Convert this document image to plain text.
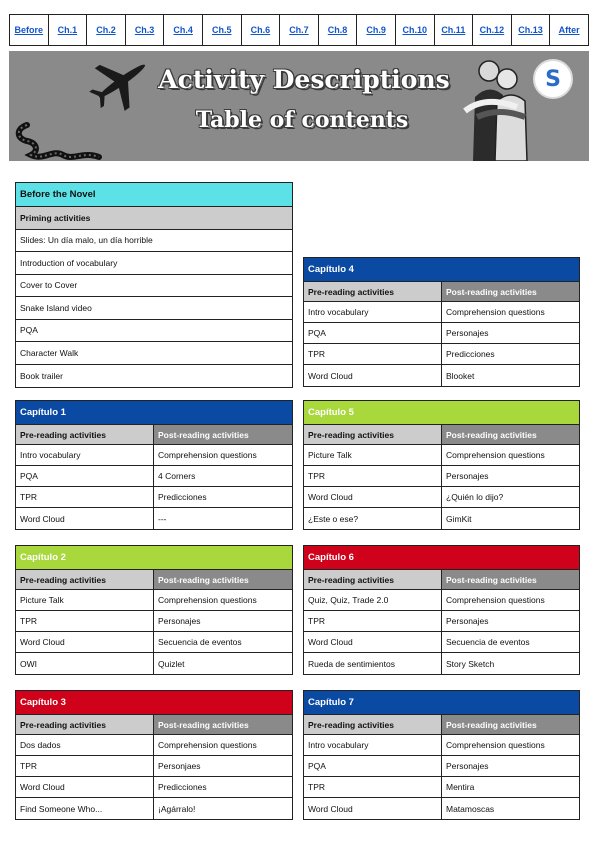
Before	Ch.1	Ch.2	Ch.3	Ch.4	Ch.5	Ch.6	Ch.7	Ch.8	Ch.9	Ch.10	Ch.11	Ch.12	Ch.13	After
Activity Descriptions
Table of contents
S
Before the Novel
Priming activities
Slides: Un día malo, un día horrible
Introduction of vocabulary
Cover to Cover
Snake Island video
PQA
Character Walk
Book trailer
Capítulo 1
Pre-reading activities	Post-reading activities
Intro vocabulary	Comprehension questions
PQA	4 Corners
TPR	Predicciones
Word Cloud	---
Capítulo 2
Pre-reading activities	Post-reading activities
Picture Talk	Comprehension questions
TPR	Personajes
Word Cloud	Secuencia de eventos
OWI	Quizlet
Capítulo 3
Pre-reading activities	Post-reading activities
Dos dados	Comprehension questions
TPR	Personjaes
Word Cloud	Predicciones
Find Someone Who...	¡Agárralo!
Capítulo 4
Pre-reading activities	Post-reading activities
Intro vocabulary	Comprehension questions
PQA	Personajes
TPR	Predicciones
Word Cloud	Blooket
Capítulo 5
Pre-reading activities	Post-reading activities
Picture Talk	Comprehension questions
TPR	Personajes
Word Cloud	¿Quién lo dijo?
¿Este o ese?	GimKit
Capítulo 6
Pre-reading activities	Post-reading activities
Quiz, Quiz, Trade 2.0	Comprehension questions
TPR	Personajes
Word Cloud	Secuencia de eventos
Rueda de sentimientos	Story Sketch
Capítulo 7
Pre-reading activities	Post-reading activities
Intro vocabulary	Comprehension questions
PQA	Personajes
TPR	Mentira
Word Cloud	Matamoscas
